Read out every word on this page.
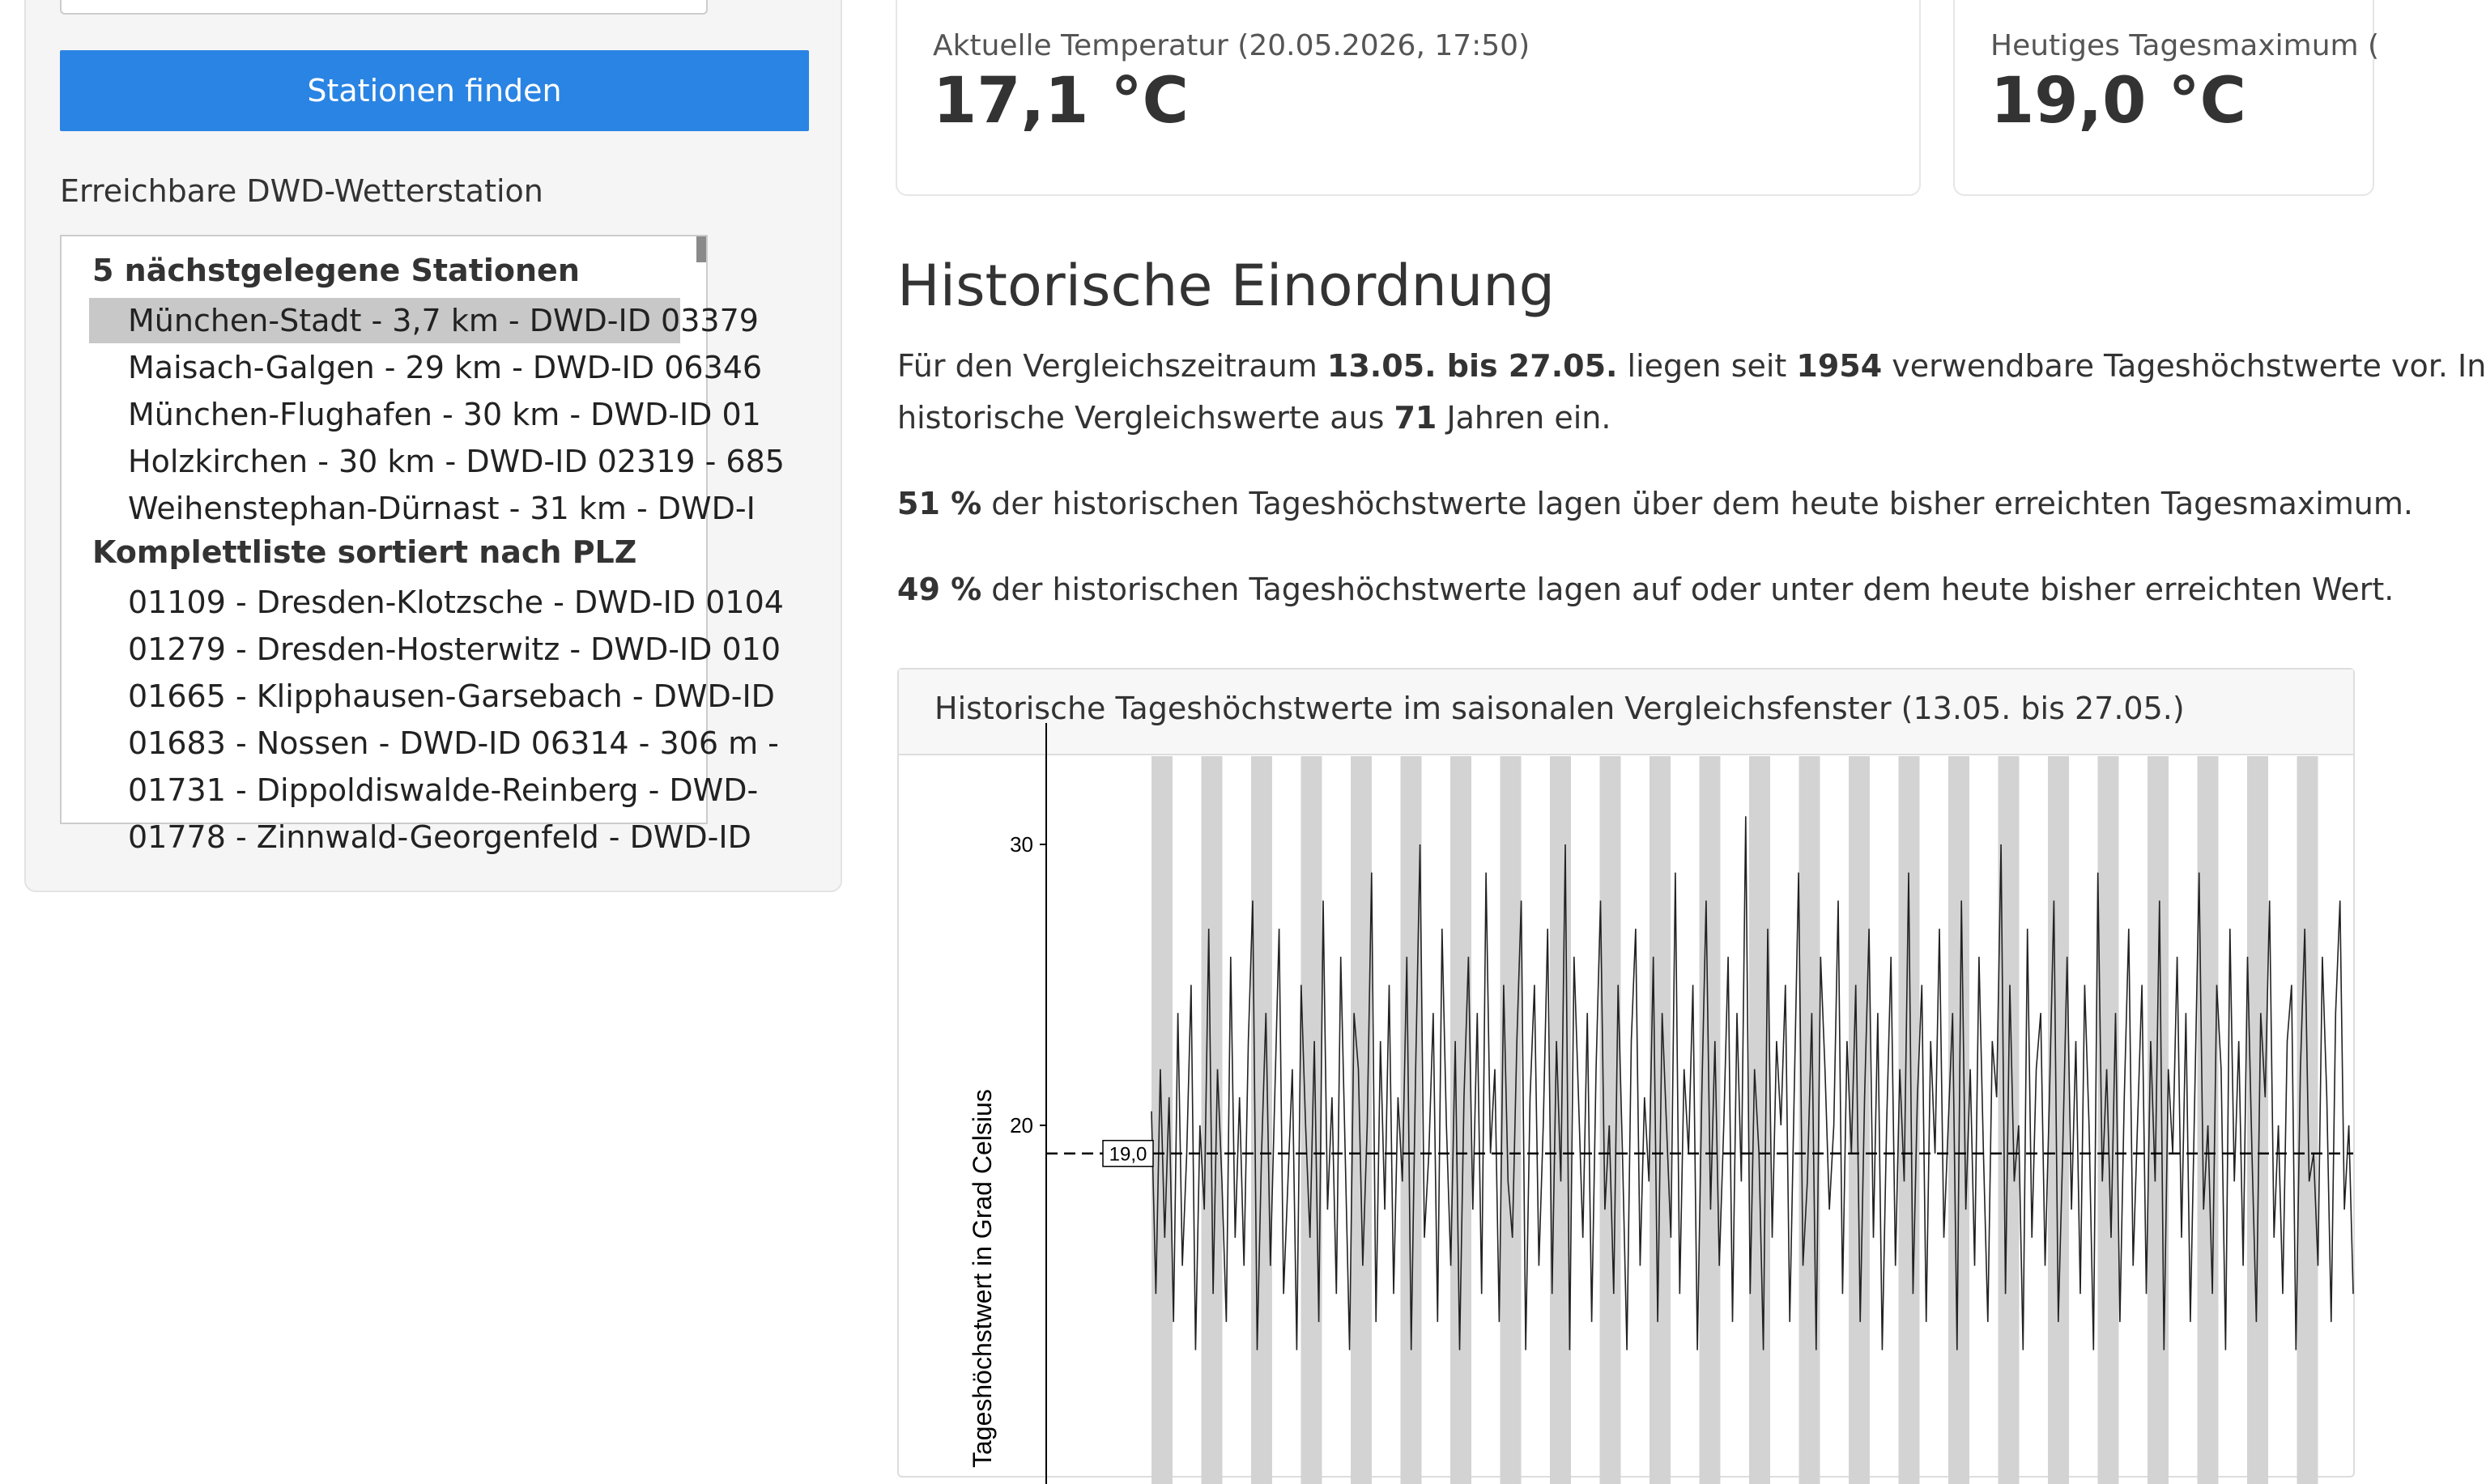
Stationen finden
Erreichbare DWD-Wetterstation
5 nächstgelegene Stationen
München-Stadt - 3,7 km - DWD-ID 03379
Maisach-Galgen - 29 km - DWD-ID 06346
München-Flughafen - 30 km - DWD-ID 01
Holzkirchen - 30 km - DWD-ID 02319 - 685
Weihenstephan-Dürnast - 31 km - DWD-I
Komplettliste sortiert nach PLZ
01109 - Dresden-Klotzsche - DWD-ID 0104
01279 - Dresden-Hosterwitz - DWD-ID 010
01665 - Klipphausen-Garsebach - DWD-ID
01683 - Nossen - DWD-ID 06314 - 306 m -
01731 - Dippoldiswalde-Reinberg - DWD-
01778 - Zinnwald-Georgenfeld - DWD-ID
Aktuelle Temperatur (20.05.2026, 17:50)
17,1 °C
Heutiges Tagesmaximum (
19,0 °C
Historische Einordnung
Für den Vergleichszeitraum 13.05. bis 27.05. liegen seit 1954 verwendbare Tageshöchstwerte vor. In
historische Vergleichswerte aus 71 Jahren ein.
51 % der historischen Tageshöchstwerte lagen über dem heute bisher erreichten Tagesmaximum.
49 % der historischen Tageshöchstwerte lagen auf oder unter dem heute bisher erreichten Wert.
Historische Tageshöchstwerte im saisonalen Vergleichsfenster (13.05. bis 27.05.)
20
30
Tageshöchstwert in Grad Celsius	19,0
